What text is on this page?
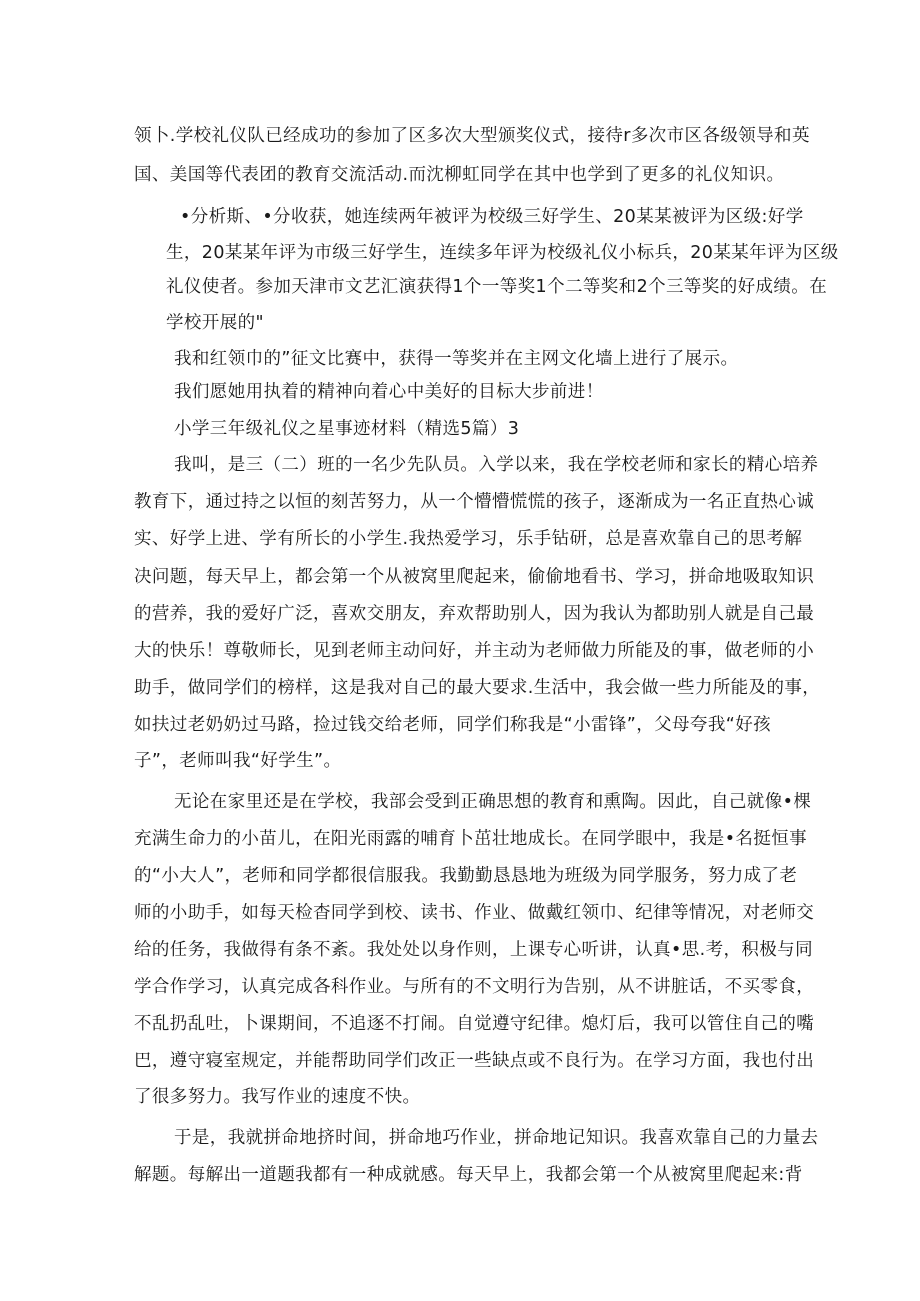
领卜.学校礼仪队已经成功的参加了区多次大型颁奖仪式，接待r多次市区各级领导和英
国、美国等代表团的教育交流活动.而沈柳虹同学在其中也学到了更多的礼仪知识。
•分析斯、•分收获，她连续两年被评为校级三好学生、20某某被评为区级:好学
生，20某某年评为市级三好学生，连续多年评为校级礼仪小标兵，20某某年评为区级
礼仪使者。参加天津市文艺汇演获得1个一等奖1个二等奖和2个三等奖的好成绩。在
学校开展的"
我和红领巾的”征文比赛中，获得一等奖并在主网文化墙上进行了展示。
我们愿她用执着的精神向着心中美好的目标大步前进！
小学三年级礼仪之星事迹材料（精选5篇）3
我叫，是三（二）班的一名少先队员。入学以来，我在学校老师和家长的精心培养
教育下，通过持之以恒的刻苦努力，从一个懵懵慌慌的孩子，逐渐成为一名正直热心诚
实、好学上进、学有所长的小学生.我热爱学习，乐手钻研，总是喜欢靠自己的思考解
决问题，每天早上，都会第一个从被窝里爬起来，偷偷地看书、学习，拼命地吸取知识
的营养，我的爱好广泛，喜欢交朋友，弃欢帮助别人，因为我认为都助别人就是自己最
大的快乐！尊敬师长，见到老师主动问好，并主动为老师做力所能及的事，做老师的小
助手，做同学们的榜样，这是我对自己的最大要求.生活中，我会做一些力所能及的事，
如扶过老奶奶过马路，捡过钱交给老师，同学们称我是“小雷锋”，父母夸我“好孩
子”，老师叫我“好学生”。
无论在家里还是在学校，我部会受到正确思想的教育和熏陶。因此，自己就像•棵
充满生命力的小苗儿，在阳光雨露的哺育卜茁壮地成长。在同学眼中，我是•名挺恒事
的“小大人”，老师和同学都很信服我。我勤勤恳恳地为班级为同学服务，努力成了老
师的小助手，如每天检杳同学到校、读书、作业、做戴红领巾、纪律等情况，对老师交
给的任务，我做得有条不紊。我处处以身作则，上课专心听讲，认真•思.考，积极与同
学合作学习，认真完成各科作业。与所有的不文明行为告别，从不讲脏话，不买零食，
不乱扔乱吐，卜课期间，不追逐不打闹。自觉遵守纪律。熄灯后，我可以管住自己的嘴
巴，遵守寝室规定，并能帮助同学们改正一些缺点或不良行为。在学习方面，我也付出
了很多努力。我写作业的速度不快。
于是，我就拼命地挤时间，拼命地巧作业，拼命地记知识。我喜欢靠自己的力量去
解题。每解出一道题我都有一种成就感。每天早上，我都会第一个从被窝里爬起来:背
